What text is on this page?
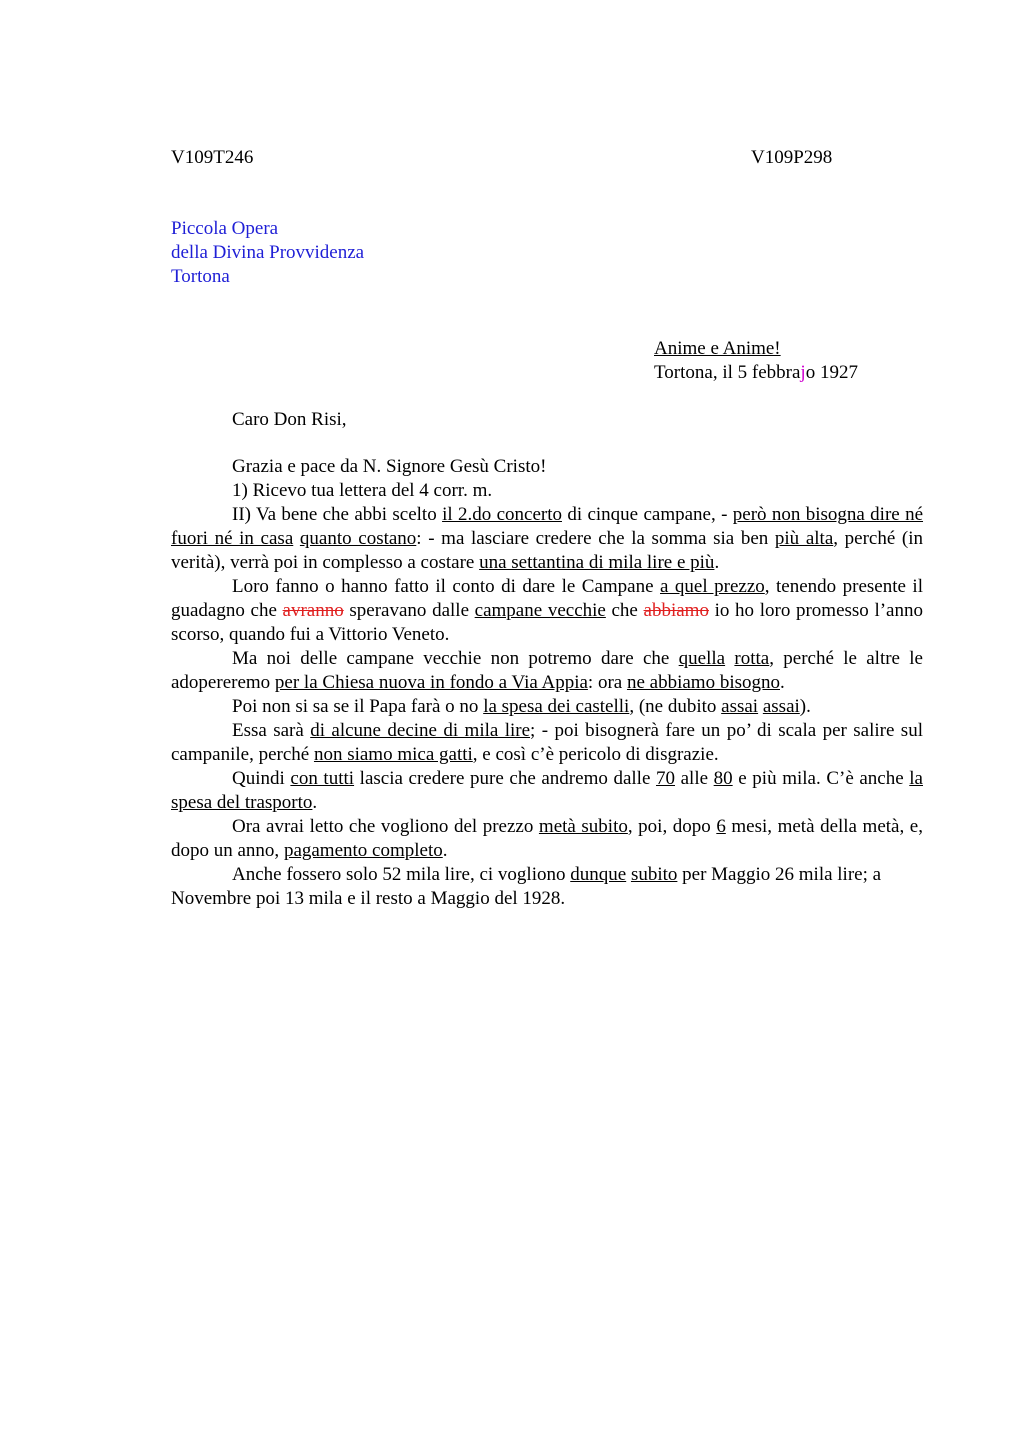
V109T246	V109P298
Piccola Opera
della Divina Provvidenza
Tortona
Anime e Anime!
Tortona, il 5 febbrajo 1927
Caro Don Risi,

Grazia e pace da N. Signore Gesù Cristo!

1) Ricevo tua lettera del 4 corr. m.

II) Va bene che abbi scelto il 2.do concerto di cinque campane, - però non bisogna dire né fuori né in casa quanto costano: - ma lasciare credere che la somma sia ben più alta, perché (in verità), verrà poi in complesso a costare una settantina di mila lire e più.

Loro fanno o hanno fatto il conto di dare le Campane a quel prezzo, tenendo presente il guadagno che avranno speravano dalle campane vecchie che abbiamo io ho loro promesso l’anno scorso, quando fui a Vittorio Veneto.

Ma noi delle campane vecchie non potremo dare che quella rotta, perché le altre le adopereremo per la Chiesa nuova in fondo a Via Appia: ora ne abbiamo bisogno.

Poi non si sa se il Papa farà o no la spesa dei castelli, (ne dubito assai assai).

Essa sarà di alcune decine di mila lire; - poi bisognerà fare un po’ di scala per salire sul campanile, perché non siamo mica gatti, e così c’è pericolo di disgrazie.

Quindi con tutti lascia credere pure che andremo dalle 70 alle 80 e più mila. C’è anche la spesa del trasporto.

Ora avrai letto che vogliono del prezzo metà subito, poi, dopo 6 mesi, metà della metà, e, dopo un anno, pagamento completo.

Anche fossero solo 52 mila lire, ci vogliono dunque subito per Maggio 26 mila lire; a Novembre poi 13 mila e il resto a Maggio del 1928.
